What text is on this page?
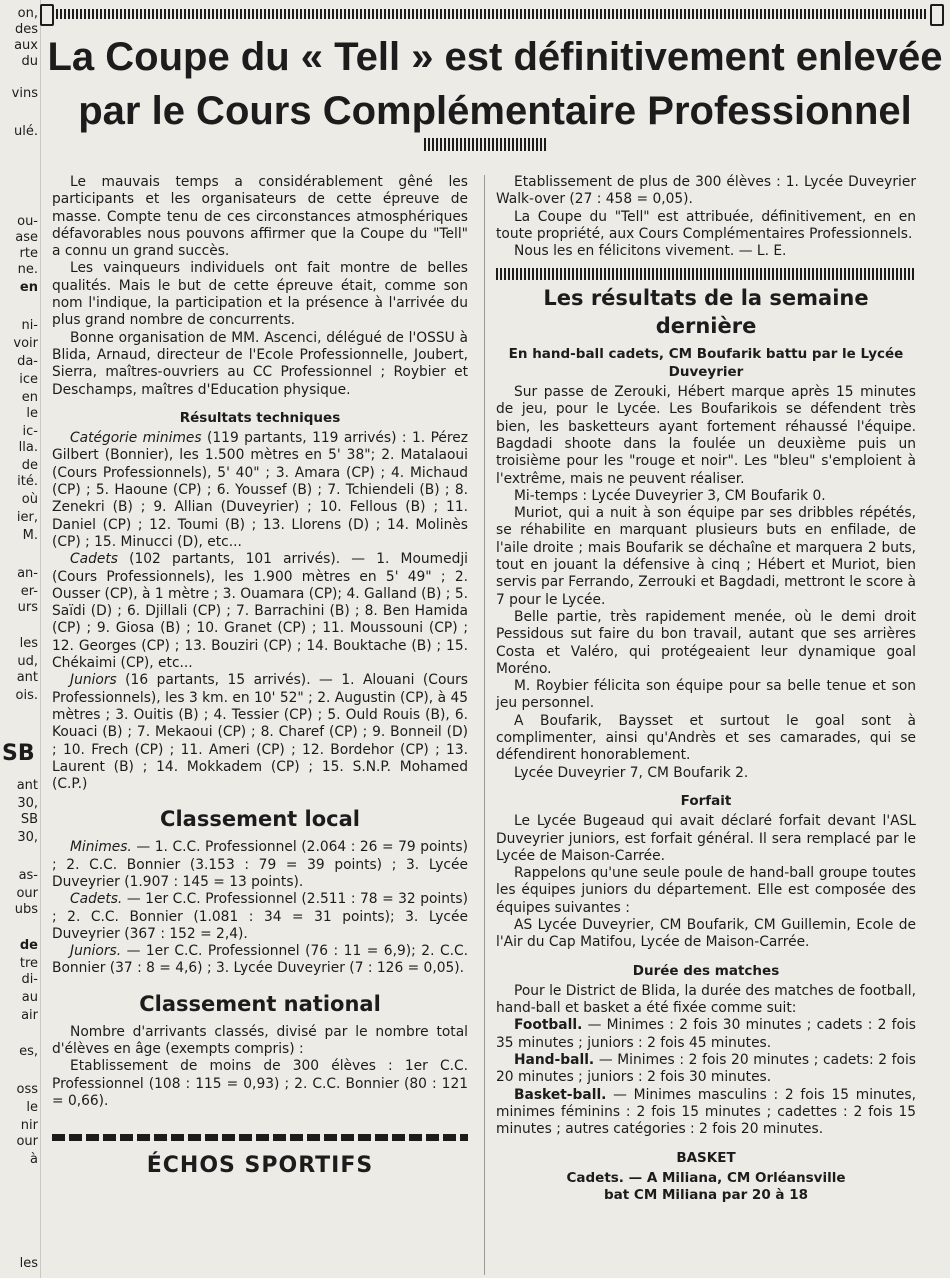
on,
des
aux
du
vins
ulé.
ou-
ase
rte
ne.
en
ni-
voir
da-
ice
en
le
ic-
lla.
de
ité.
où
ier,
M.
an-
er-
urs
les
ud,
ant
ois.
SB
ant
30,
SB
30,
as-
our
ubs
de
tre
di-
au
air
es,
oss
le
nir
our
à
les
La Coupe du « Tell » est définitivement enlevée
par le Cours Complémentaire Professionnel

Le mauvais temps a considérablement gêné les participants et les organisateurs de cette épreuve de masse. Compte tenu de ces circonstances atmosphériques défavorables nous pouvons affirmer que la Coupe du "Tell" a connu un grand succès.

Les vainqueurs individuels ont fait montre de belles qualités. Mais le but de cette épreuve était, comme son nom l'indique, la participation et la présence à l'arrivée du plus grand nombre de concurrents.

Bonne organisation de MM. Ascenci, délégué de l'OSSU à Blida, Arnaud, directeur de l'Ecole Professionnelle, Joubert, Sierra, maîtres-ouvriers au CC Professionnel ; Roybier et Deschamps, maîtres d'Education physique.

Résultats techniques

Catégorie minimes (119 partants, 119 arrivés) : 1. Pérez Gilbert (Bonnier), les 1.500 mètres en 5' 38"; 2. Matalaoui (Cours Professionnels), 5' 40" ; 3. Amara (CP) ; 4. Michaud (CP) ; 5. Haoune (CP) ; 6. Youssef (B) ; 7. Tchiendeli (B) ; 8. Zenekri (B) ; 9. Allian (Duveyrier) ; 10. Fellous (B) ; 11. Daniel (CP) ; 12. Toumi (B) ; 13. Llorens (D) ; 14. Molinès (CP) ; 15. Minucci (D), etc...

Cadets (102 partants, 101 arrivés). — 1. Moumedji (Cours Professionnels), les 1.900 mètres en 5' 49" ; 2. Ousser (CP), à 1 mètre ; 3. Ouamara (CP); 4. Galland (B) ; 5. Saïdi (D) ; 6. Djillali (CP) ; 7. Barrachini (B) ; 8. Ben Hamida (CP) ; 9. Giosa (B) ; 10. Granet (CP) ; 11. Moussouni (CP) ; 12. Georges (CP) ; 13. Bouziri (CP) ; 14. Bouktache (B) ; 15. Chékaimi (CP), etc...

Juniors (16 partants, 15 arrivés). — 1. Alouani (Cours Professionnels), les 3 km. en 10' 52" ; 2. Augustin (CP), à 45 mètres ; 3. Ouitis (B) ; 4. Tessier (CP) ; 5. Ould Rouis (B), 6. Kouaci (B) ; 7. Mekaoui (CP) ; 8. Charef (CP) ; 9. Bonneil (D) ; 10. Frech (CP) ; 11. Ameri (CP) ; 12. Bordehor (CP) ; 13. Laurent (B) ; 14. Mokkadem (CP) ; 15. S.N.P. Mohamed (C.P.)

Classement local

Minimes. — 1. C.C. Professionnel (2.064 : 26 = 79 points) ; 2. C.C. Bonnier (3.153 : 79 = 39 points) ; 3. Lycée Duveyrier (1.907 : 145 = 13 points).

Cadets. — 1er C.C. Professionnel (2.511 : 78 = 32 points) ; 2. C.C. Bonnier (1.081 : 34 = 31 points); 3. Lycée Duveyrier (367 : 152 = 2,4).

Juniors. — 1er C.C. Professionnel (76 : 11 = 6,9); 2. C.C. Bonnier (37 : 8 = 4,6) ; 3. Lycée Duveyrier (7 : 126 = 0,05).

Classement national

Nombre d'arrivants classés, divisé par le nombre total d'élèves en âge (exempts compris) :

Etablissement de moins de 300 élèves : 1er C.C. Professionnel (108 : 115 = 0,93) ; 2. C.C. Bonnier (80 : 121 = 0,66).

ÉCHOS SPORTIFS

Etablissement de plus de 300 élèves : 1. Lycée Duveyrier Walk-over (27 : 458 = 0,05).

La Coupe du "Tell" est attribuée, définitivement, en en toute propriété, aux Cours Complémentaires Professionnels.

Nous les en félicitons vivement. — L. E.

Les résultats de la semaine dernière
En hand-ball cadets, CM Boufarik battu par le Lycée Duveyrier

Sur passe de Zerouki, Hébert marque après 15 minutes de jeu, pour le Lycée. Les Boufarikois se défendent très bien, les basketteurs ayant fortement réhaussé l'équipe. Bagdadi shoote dans la foulée un deuxième puis un troisième pour les "rouge et noir". Les "bleu" s'emploient à l'extrême, mais ne peuvent réaliser.

Mi-temps : Lycée Duveyrier 3, CM Boufarik 0.

Muriot, qui a nuit à son équipe par ses dribbles répétés, se réhabilite en marquant plusieurs buts en enfilade, de l'aile droite ; mais Boufarik se déchaîne et marquera 2 buts, tout en jouant la défensive à cinq ; Hébert et Muriot, bien servis par Ferrando, Zerrouki et Bagdadi, mettront le score à 7 pour le Lycée.

Belle partie, très rapidement menée, où le demi droit Pessidous sut faire du bon travail, autant que ses arrières Costa et Valéro, qui protégeaient leur dynamique goal Moréno.

M. Roybier félicita son équipe pour sa belle tenue et son jeu personnel.

A Boufarik, Baysset et surtout le goal sont à complimenter, ainsi qu'Andrès et ses camarades, qui se défendirent honorablement.

Lycée Duveyrier 7, CM Boufarik 2.

Forfait

Le Lycée Bugeaud qui avait déclaré forfait devant l'ASL Duveyrier juniors, est forfait général. Il sera remplacé par le Lycée de Maison-Carrée.

Rappelons qu'une seule poule de hand-ball groupe toutes les équipes juniors du département. Elle est composée des équipes suivantes :

AS Lycée Duveyrier, CM Boufarik, CM Guillemin, Ecole de l'Air du Cap Matifou, Lycée de Maison-Carrée.

Durée des matches

Pour le District de Blida, la durée des matches de football, hand-ball et basket a été fixée comme suit:

Football. — Minimes : 2 fois 30 minutes ; cadets : 2 fois 35 minutes ; juniors : 2 fois 45 minutes.

Hand-ball. — Minimes : 2 fois 20 minutes ; cadets: 2 fois 20 minutes ; juniors : 2 fois 30 minutes.

Basket-ball. — Minimes masculins : 2 fois 15 minutes, minimes féminins : 2 fois 15 minutes ; cadettes : 2 fois 15 minutes ; autres catégories : 2 fois 20 minutes.

BASKET
Cadets. — A Miliana, CM Orléansville
bat CM Miliana par 20 à 18
